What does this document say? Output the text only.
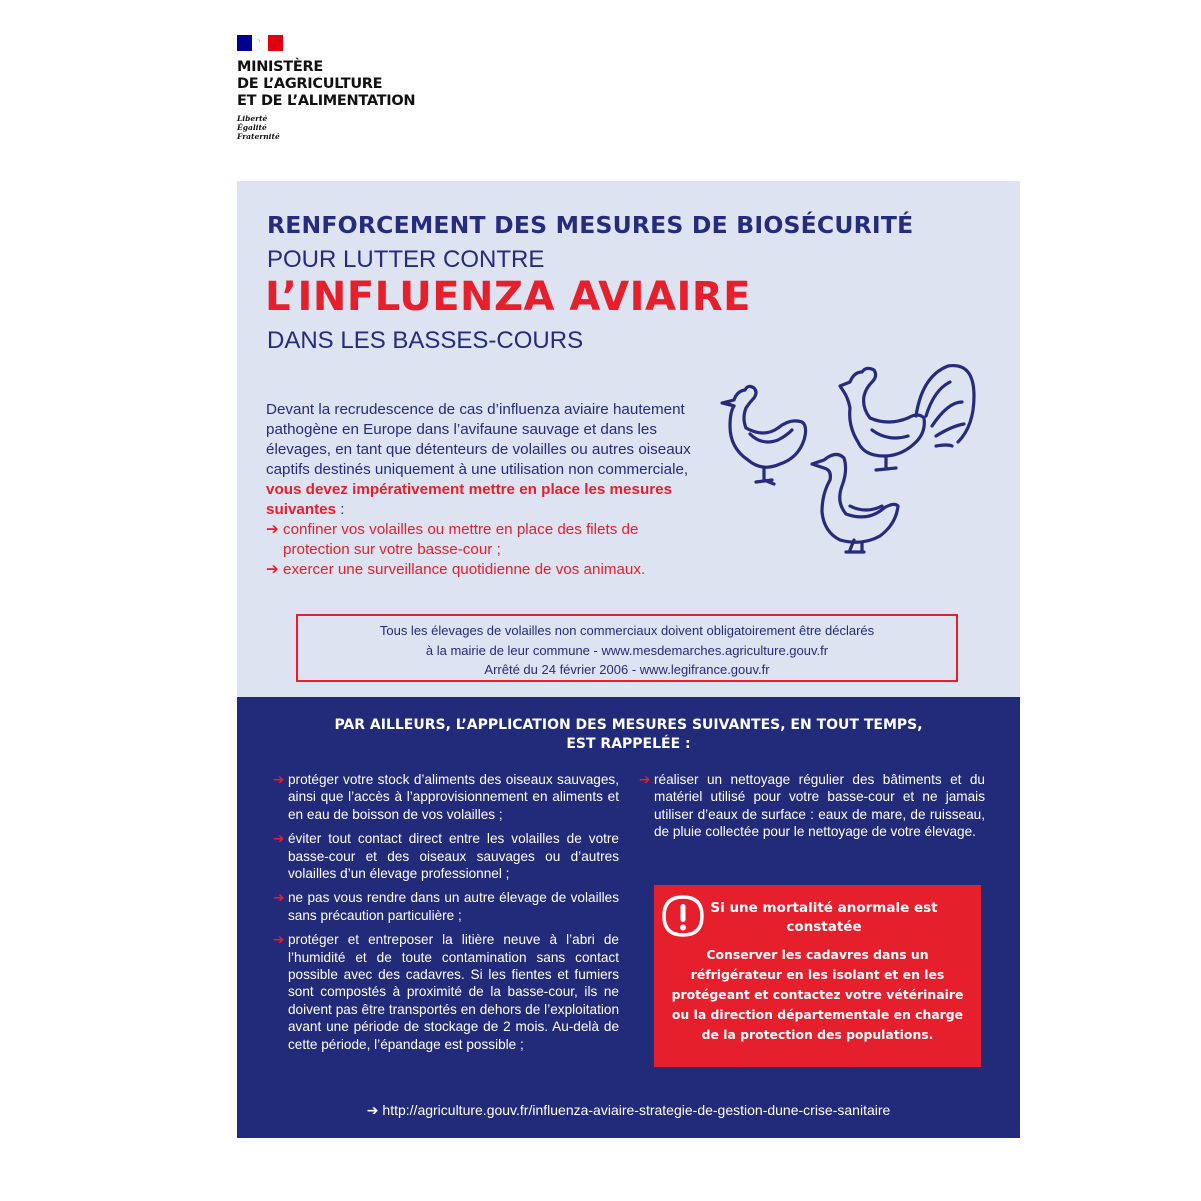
MINISTÈRE
DE L’AGRICULTURE
ET DE L’ALIMENTATION
Liberté
Égalité
Fraternité
RENFORCEMENT DES MESURES DE BIOSÉCURITÉ
POUR LUTTER CONTRE
L’INFLUENZA AVIAIRE
DANS LES BASSES-COURS
Devant la recrudescence de cas d’influenza aviaire hautement pathogène en Europe dans l’avifaune sauvage et dans les élevages, en tant que détenteurs de volailles ou autres oiseaux captifs destinés uniquement à une utilisation non commerciale, vous devez impérativement mettre en place les mesures suivantes :
➔ confiner vos volailles ou mettre en place des filets de protection sur votre basse-cour ;
➔ exercer une surveillance quotidienne de vos animaux.
Tous les élevages de volailles non commerciaux doivent obligatoirement être déclarés
à la mairie de leur commune - www.mesdemarches.agriculture.gouv.fr
Arrêté du 24 février 2006 - www.legifrance.gouv.fr
PAR AILLEURS, L’APPLICATION DES MESURES SUIVANTES, EN TOUT TEMPS,
EST RAPPELÉE :
➔ protéger votre stock d’aliments des oiseaux sauvages, ainsi que l’accès à l’approvisionnement en aliments et en eau de boisson de vos volailles ;
➔ éviter tout contact direct entre les volailles de votre basse-cour et des oiseaux sauvages ou d’autres volailles d’un élevage professionnel ;
➔ ne pas vous rendre dans un autre élevage de volailles sans précaution particulière ;
➔ protéger et entreposer la litière neuve à l’abri de l’humidité et de toute contamination sans contact possible avec des cadavres. Si les fientes et fumiers sont compostés à proximité de la basse-cour, ils ne doivent pas être transportés en dehors de l’exploitation avant une période de stockage de 2 mois. Au-delà de cette période, l’épandage est possible ;
➔ réaliser un nettoyage régulier des bâtiments et du matériel utilisé pour votre basse-cour et ne jamais utiliser d’eaux de surface : eaux de mare, de ruisseau, de pluie collectée pour le nettoyage de votre élevage.
Si une mortalité anormale est constatée
Conserver les cadavres dans un réfrigérateur en les isolant et en les protégeant et contactez votre vétérinaire ou la direction départementale en charge de la protection des populations.
➔ http://agriculture.gouv.fr/influenza-aviaire-strategie-de-gestion-dune-crise-sanitaire
